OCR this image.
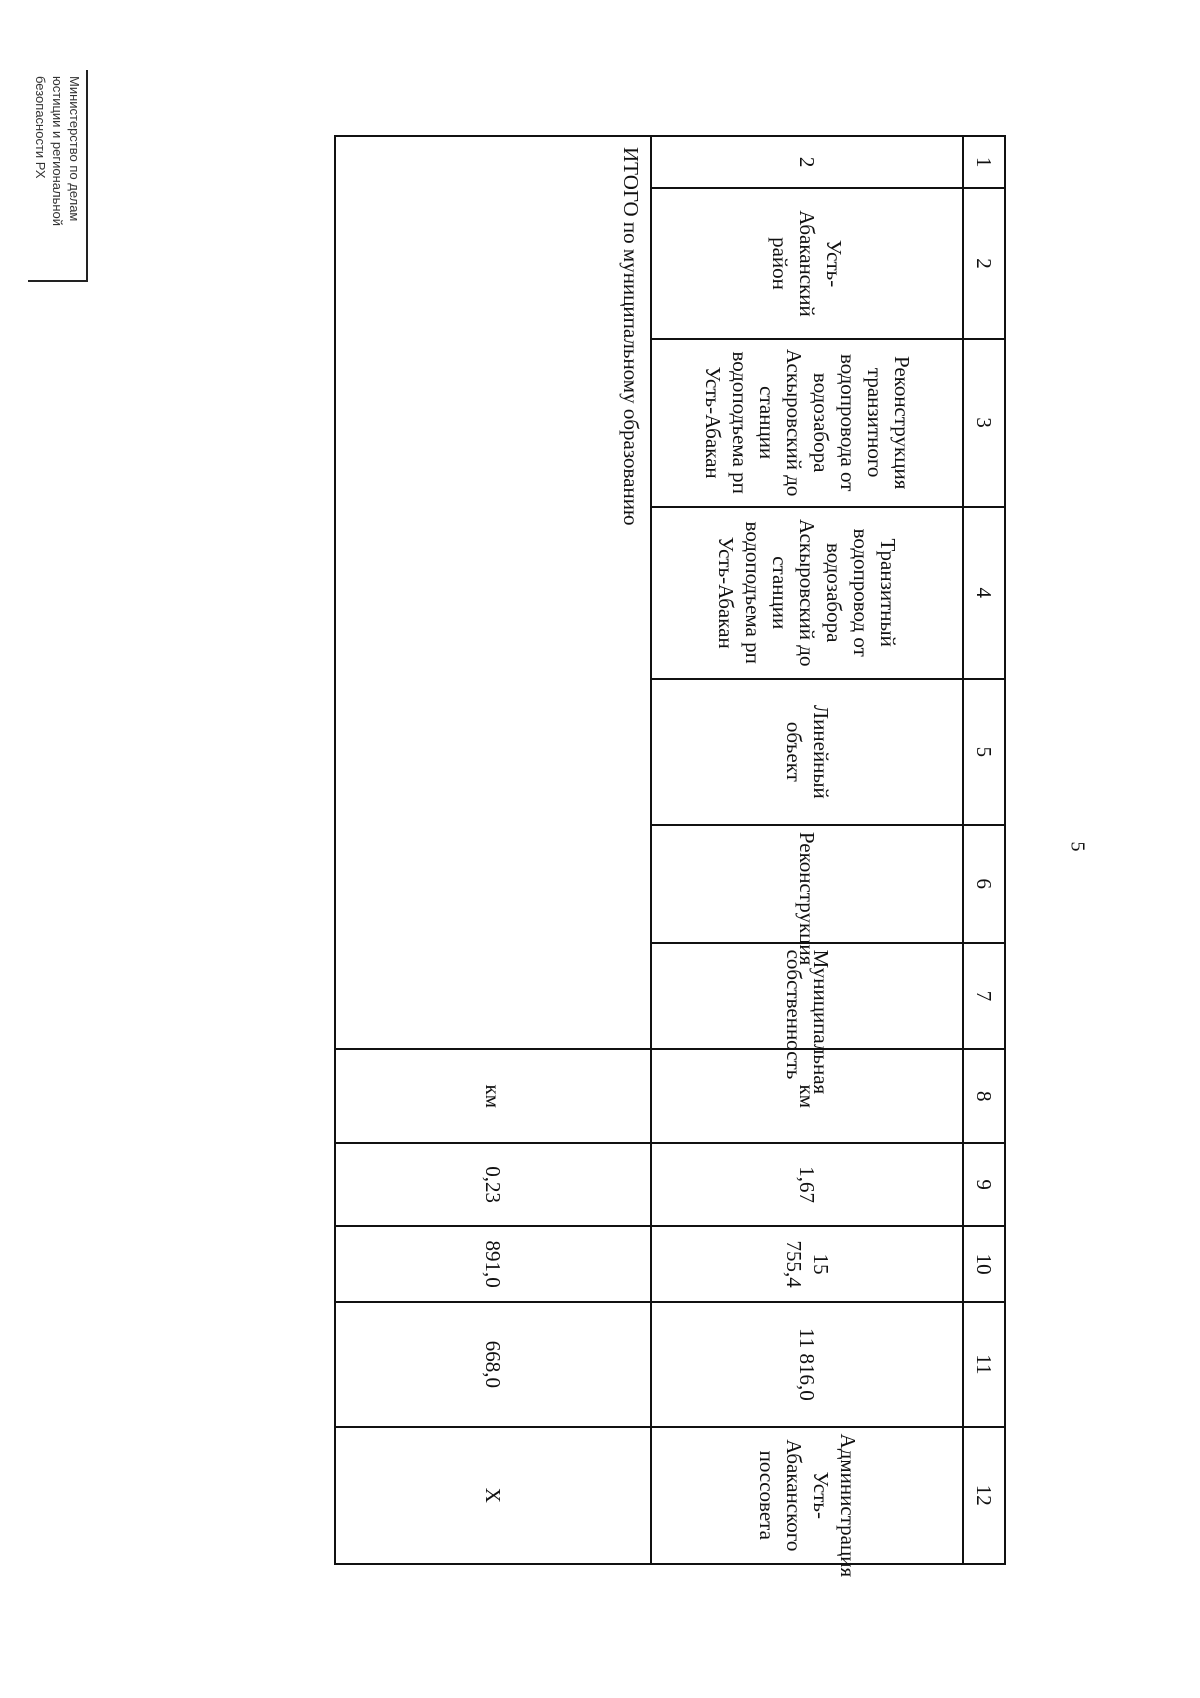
Министерство по делам
юстиции и региональной
безопасности РХ
5
1	2	3	4	5	6	7	8	9	10	11	12
2	Усть-Абаканский район	Реконструкция транзитного водопровода от водозабора Аскыровский до станции водоподъема рп Усть-Абакан	Транзитный водопровод от водозабора Аскыровский до станции водоподъема рп Усть-Абакан	Линейный объект	Реконструкция	Муниципальная собственность	км	1,67	15 755,4	11 816,0	Администрация Усть-Абаканского поссовета
ИТОГО по муниципальному образованию							км	0,23	891,0	668,0	Х
